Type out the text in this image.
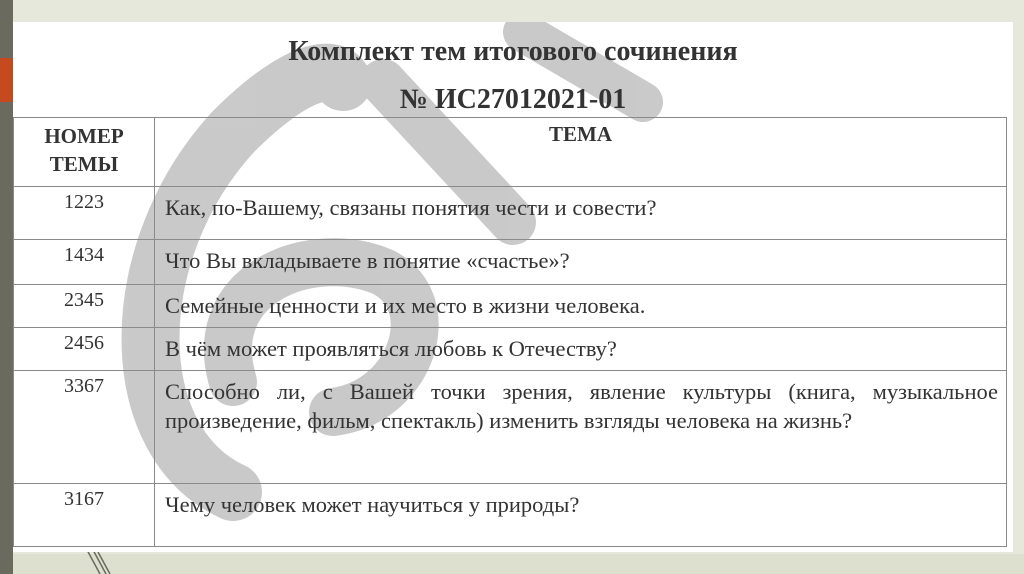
Комплект тем итогового сочинения
№ ИС27012021-01
НОМЕР ТЕМЫ	ТЕМА
1223	Как, по-Вашему, связаны понятия чести и совести?
1434	Что Вы вкладываете в понятие «счастье»?
2345	Семейные ценности и их место в жизни человека.
2456	В чём может проявляться любовь к Отечеству?
3367	Способно ли, с Вашей точки зрения, явление культуры (книга, музыкальное произведение, фильм, спектакль) изменить взгляды человека на жизнь?
3167	Чему человек может научиться у природы?
